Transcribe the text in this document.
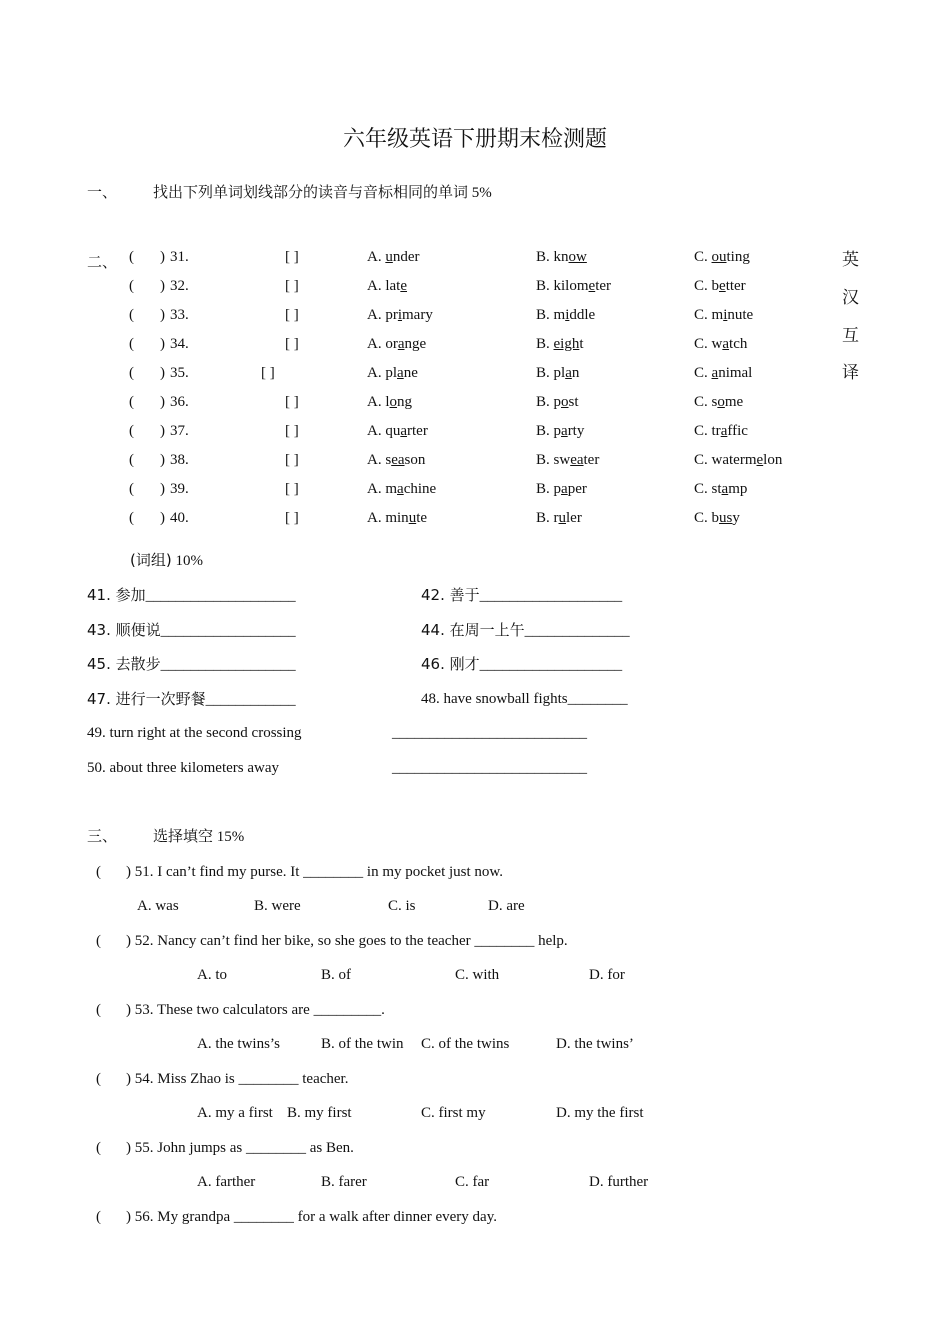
六年级英语下册期末检测题
一、 找出下列单词划线部分的读音与音标相同的单词 5%
二、	英
汉
互
译
( ) 31.	[ ]	A. under	B. know	C. outing
( ) 32.	[ ]	A. late	B. kilometer	C. better
( ) 33.	[ ]	A. primary	B. middle	C. minute
( ) 34.	[ ]	A. orange	B. eight	C. watch
( ) 35.	[ ]	A. plane	B. plan	C. animal
( ) 36.	[ ]	A. long	B. post	C. some
( ) 37.	[ ]	A. quarter	B. party	C. traffic
( ) 38.	[ ]	A. season	B. sweater	C. watermelon
( ) 39.	[ ]	A. machine	B. paper	C. stamp
( ) 40.	[ ]	A. minute	B. ruler	C. busy
(词组) 10%
41. 参加____________________	42. 善于___________________
43. 顺便说__________________	44. 在周一上午______________
45. 去散步__________________	46. 刚才___________________
47. 进行一次野餐____________	48. have snowball fights________
49. turn right at the second crossing	__________________________
50. about three kilometers away	__________________________
三、 选择填空 15%
( ) 51. I can’t find my purse. It ________ in my pocket just now.
A. was	B. were	C. is	D. are
( ) 52. Nancy can’t find her bike, so she goes to the teacher ________ help.
A. to	B. of	C. with	D. for
( ) 53. These two calculators are _________.
A. the twins’s	B. of the twin C. of the twins	D. the twins’
( ) 54. Miss Zhao is ________ teacher.
A. my a first B. my first	C. first my	D. my the first
( ) 55. John jumps as ________ as Ben.
A. farther	B. farer	C. far	D. further
( ) 56. My grandpa ________ for a walk after dinner every day.
